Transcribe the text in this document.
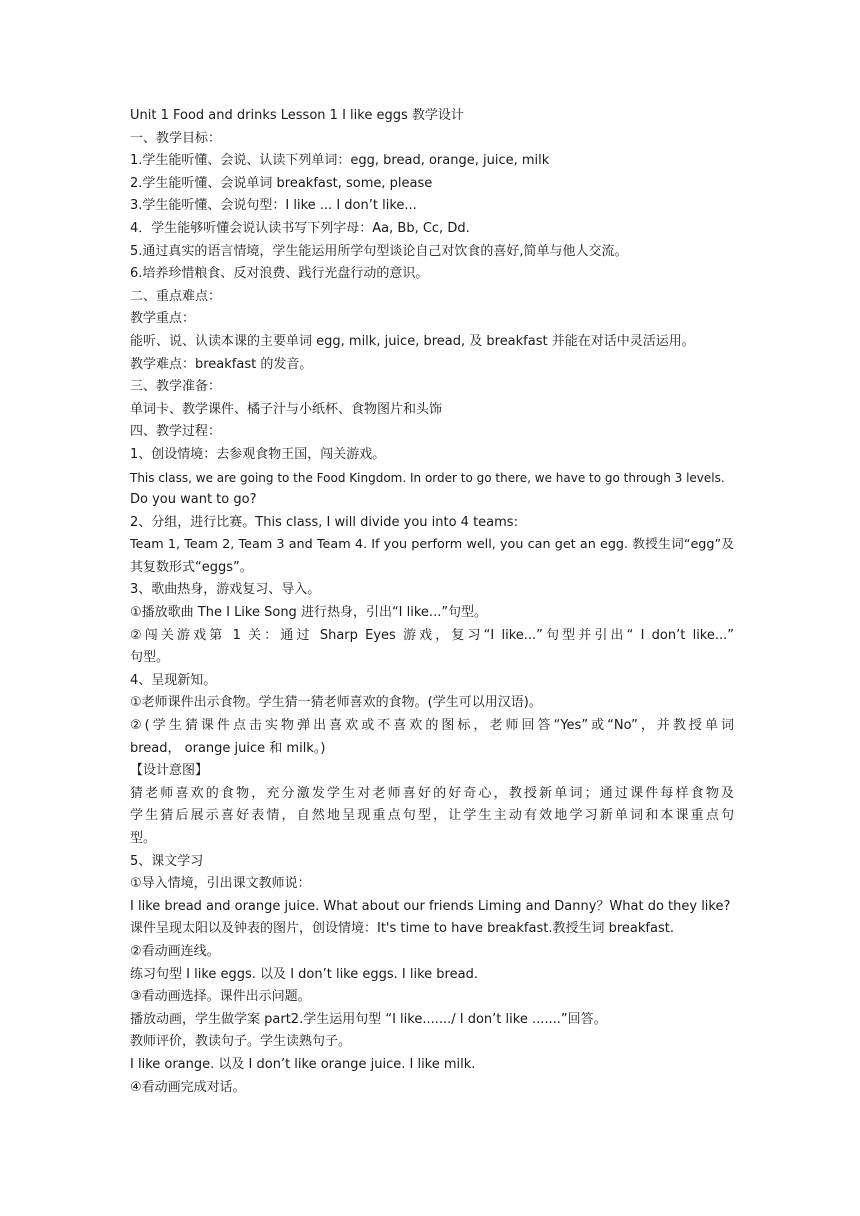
Unit 1 Food and drinks Lesson 1 I like eggs 教学设计
一、教学目标：
1.学生能听懂、会说、认读下列单词：egg, bread, orange, juice, milk
2.学生能听懂、会说单词 breakfast, some, please
3.学生能听懂、会说句型：I like ... I don’t like...
4．学生能够听懂会说认读书写下列字母：Aa, Bb, Cc, Dd.
5.通过真实的语言情境，学生能运用所学句型谈论自己对饮食的喜好,简单与他人交流。
6.培养珍惜粮食、反对浪费、践行光盘行动的意识。
二、重点难点：
教学重点：
能听、说、认读本课的主要单词 egg, milk, juice, bread, 及 breakfast 并能在对话中灵活运用。
教学难点：breakfast 的发音。
三、教学准备：
单词卡、教学课件、橘子汁与小纸杯、食物图片和头饰
四、教学过程：
1、创设情境：去参观食物王国，闯关游戏。
This class, we are going to the Food Kingdom. In order to go there, we have to go through 3 levels.
Do you want to go?
2、分组，进行比赛。This class, I will divide you into 4 teams:
Team 1, Team 2, Team 3 and Team 4. If you perform well, you can get an egg. 教授生词“egg”及
其复数形式“eggs”。
3、歌曲热身，游戏复习、导入。
①播放歌曲 The I Like Song 进行热身，引出“I like...”句型。
②闯关游戏第 1 关：通过 Sharp Eyes 游戏，复习“I like...”句型并引出“ I don’t like...”
句型。
4、呈现新知。
①老师课件出示食物。学生猜一猜老师喜欢的食物。(学生可以用汉语)。
②(学生猜课件点击实物弹出喜欢或不喜欢的图标，老师回答“Yes”或“No”，并教授单词
bread， orange juice 和 milk。)
【设计意图】
猜老师喜欢的食物，充分激发学生对老师喜好的好奇心，教授新单词；通过课件每样食物及
学生猜后展示喜好表情，自然地呈现重点句型，让学生主动有效地学习新单词和本课重点句
型。
5、课文学习
①导入情境，引出课文教师说：
I like bread and orange juice. What about our friends Liming and Danny？What do they like?
课件呈现太阳以及钟表的图片，创设情境：It's time to have breakfast.教授生词 breakfast.
②看动画连线。
练习句型 I like eggs. 以及 I don’t like eggs. I like bread.
③看动画选择。课件出示问题。
播放动画，学生做学案 part2.学生运用句型 “I like......./ I don’t like .......”回答。
教师评价，教读句子。学生读熟句子。
I like orange. 以及 I don’t like orange juice. I like milk.
④看动画完成对话。
